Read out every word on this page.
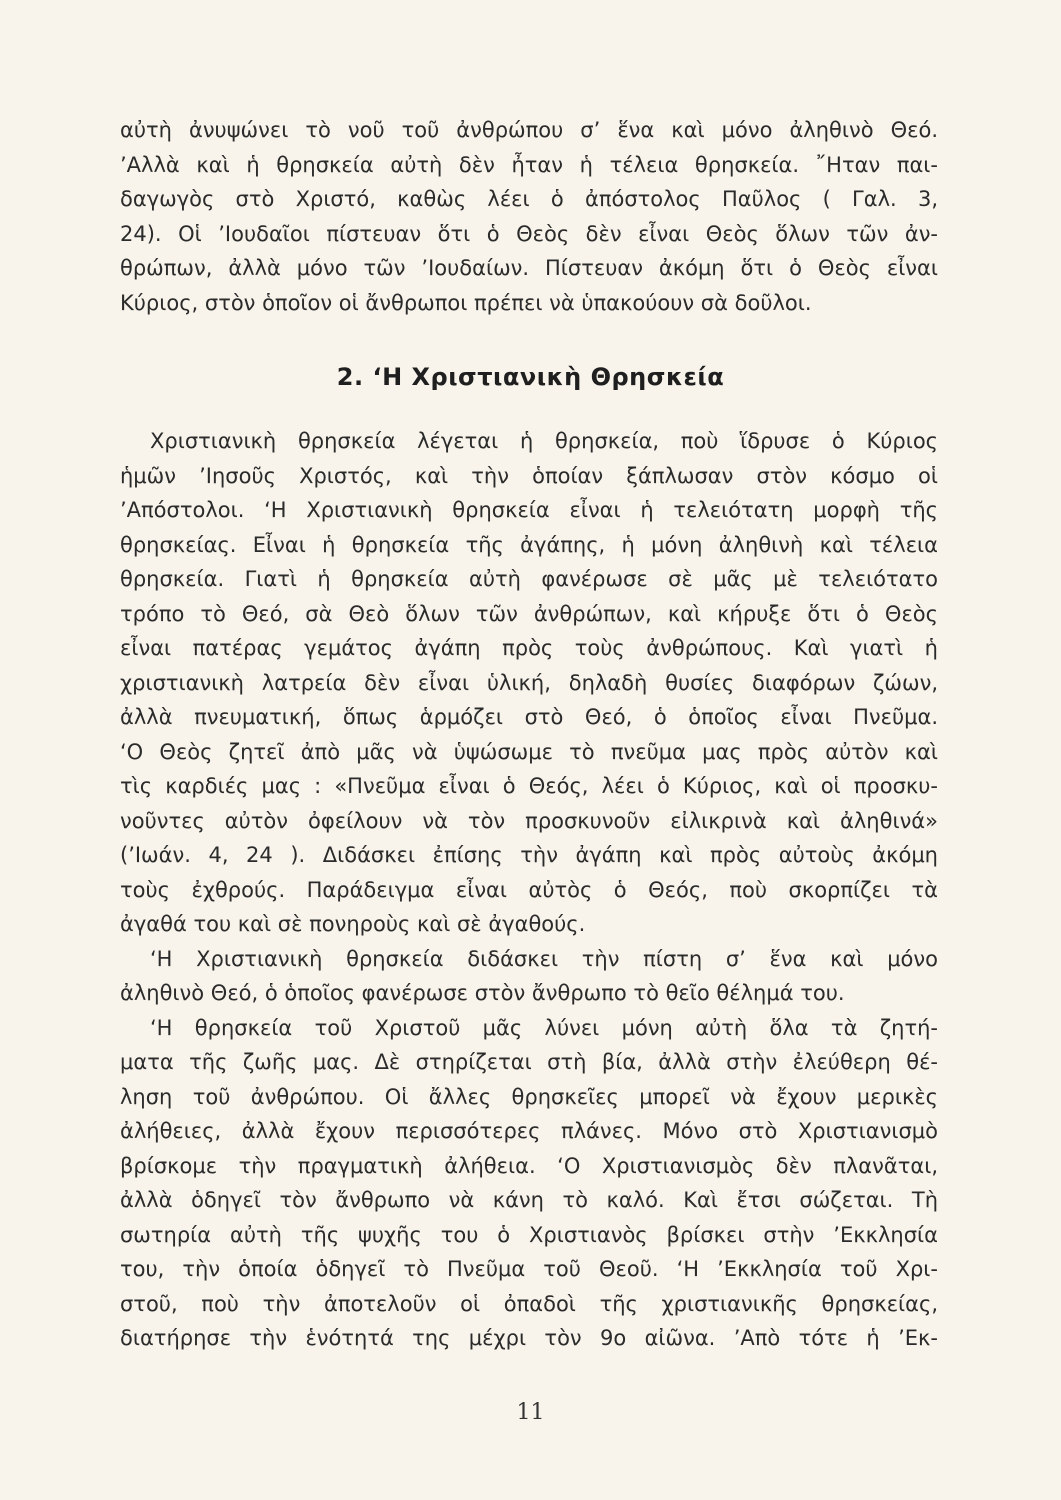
αὐτὴ ἀνυψώνει τὸ νοῦ τοῦ ἀνθρώπου σ’ ἕνα καὶ μόνο ἀληθινὸ Θεό.
’Αλλὰ καὶ ἡ θρησκεία αὐτὴ δὲν ἦταν ἡ τέλεια θρησκεία. ῎Ηταν παι-
δαγωγὸς στὸ Χριστό, καθὼς λέει ὁ ἀπόστολος Παῦλος ( Γαλ. 3,
24). Οἱ ’Ιουδαῖοι πίστευαν ὅτι ὁ Θεὸς δὲν εἶναι Θεὸς ὅλων τῶν ἀν-
θρώπων, ἀλλὰ μόνο τῶν ’Ιουδαίων. Πίστευαν ἀκόμη ὅτι ὁ Θεὸς εἶναι
Κύριος, στὸν ὁποῖον οἱ ἄνθρωποι πρέπει νὰ ὑπακούουν σὰ δοῦλοι.
2. ‘Η Χριστιανικὴ Θρησκεία
Χριστιανικὴ θρησκεία λέγεται ἡ θρησκεία, ποὺ ἵδρυσε ὁ Κύριος
ἡμῶν ’Ιησοῦς Χριστός, καὶ τὴν ὁποίαν ξάπλωσαν στὸν κόσμο οἱ
’Απόστολοι. ‘Η Χριστιανικὴ θρησκεία εἶναι ἡ τελειότατη μορφὴ τῆς
θρησκείας. Εἶναι ἡ θρησκεία τῆς ἀγάπης, ἡ μόνη ἀληθινὴ καὶ τέλεια
θρησκεία. Γιατὶ ἡ θρησκεία αὐτὴ φανέρωσε σὲ μᾶς μὲ τελειότατο
τρόπο τὸ Θεό, σὰ Θεὸ ὅλων τῶν ἀνθρώπων, καὶ κήρυξε ὅτι ὁ Θεὸς
εἶναι πατέρας γεμάτος ἀγάπη πρὸς τοὺς ἀνθρώπους. Καὶ γιατὶ ἡ
χριστιανικὴ λατρεία δὲν εἶναι ὑλική, δηλαδὴ θυσίες διαφόρων ζώων,
ἀλλὰ πνευματική, ὅπως ἁρμόζει στὸ Θεό, ὁ ὁποῖος εἶναι Πνεῦμα.
‘Ο Θεὸς ζητεῖ ἀπὸ μᾶς νὰ ὑψώσωμε τὸ πνεῦμα μας πρὸς αὐτὸν καὶ
τὶς καρδιές μας : «Πνεῦμα εἶναι ὁ Θεός, λέει ὁ Κύριος, καὶ οἱ προσκυ-
νοῦντες αὐτὸν ὀφείλουν νὰ τὸν προσκυνοῦν εἰλικρινὰ καὶ ἀληθινά»
(’Ιωάν. 4, 24 ). Διδάσκει ἐπίσης τὴν ἀγάπη καὶ πρὸς αὐτοὺς ἀκόμη
τοὺς ἐχθρούς. Παράδειγμα εἶναι αὐτὸς ὁ Θεός, ποὺ σκορπίζει τὰ
ἀγαθά του καὶ σὲ πονηροὺς καὶ σὲ ἀγαθούς.
‘Η Χριστιανικὴ θρησκεία διδάσκει τὴν πίστη σ’ ἕνα καὶ μόνο
ἀληθινὸ Θεό, ὁ ὁποῖος φανέρωσε στὸν ἄνθρωπο τὸ θεῖο θέλημά του.
‘Η θρησκεία τοῦ Χριστοῦ μᾶς λύνει μόνη αὐτὴ ὅλα τὰ ζητή-
ματα τῆς ζωῆς μας. Δὲ στηρίζεται στὴ βία, ἀλλὰ στὴν ἐλεύθερη θέ-
ληση τοῦ ἀνθρώπου. Οἱ ἄλλες θρησκεῖες μπορεῖ νὰ ἔχουν μερικὲς
ἀλήθειες, ἀλλὰ ἔχουν περισσότερες πλάνες. Μόνο στὸ Χριστιανισμὸ
βρίσκομε τὴν πραγματικὴ ἀλήθεια. ‘Ο Χριστιανισμὸς δὲν πλανᾶται,
ἀλλὰ ὁδηγεῖ τὸν ἄνθρωπο νὰ κάνη τὸ καλό. Καὶ ἔτσι σώζεται. Τὴ
σωτηρία αὐτὴ τῆς ψυχῆς του ὁ Χριστιανὸς βρίσκει στὴν ’Εκκλησία
του, τὴν ὁποία ὁδηγεῖ τὸ Πνεῦμα τοῦ Θεοῦ. ‘Η ’Εκκλησία τοῦ Χρι-
στοῦ, ποὺ τὴν ἀποτελοῦν οἱ ὀπαδοὶ τῆς χριστιανικῆς θρησκείας,
διατήρησε τὴν ἑνότητά της μέχρι τὸν 9ο αἰῶνα. ’Απὸ τότε ἡ ’Εκ-
11
